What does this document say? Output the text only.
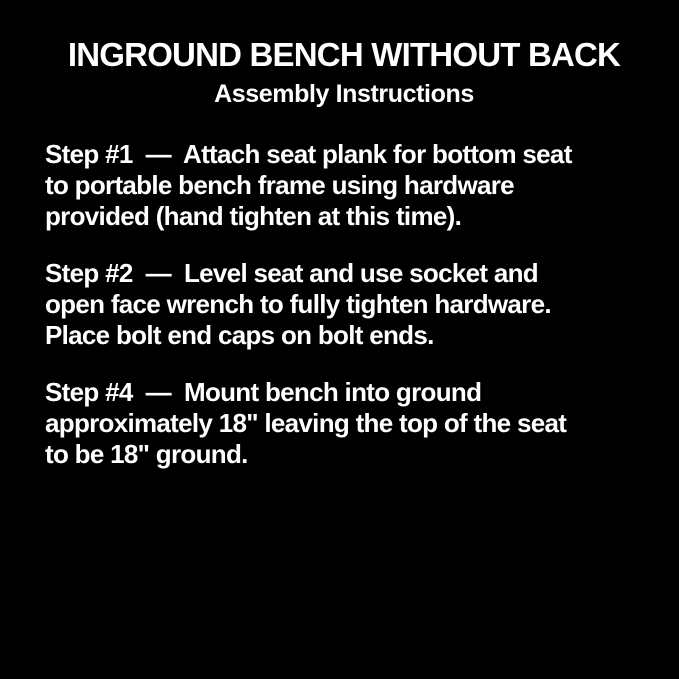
INGROUND BENCH WITHOUT BACK
Assembly Instructions

Step #1  —  Attach seat plank for bottom seat
to portable bench frame using hardware
provided (hand tighten at this time).

Step #2  —  Level seat and use socket and
open face wrench to fully tighten hardware.
Place bolt end caps on bolt ends.

Step #4  —  Mount bench into ground
approximately 18" leaving the top of the seat
to be 18" ground.
